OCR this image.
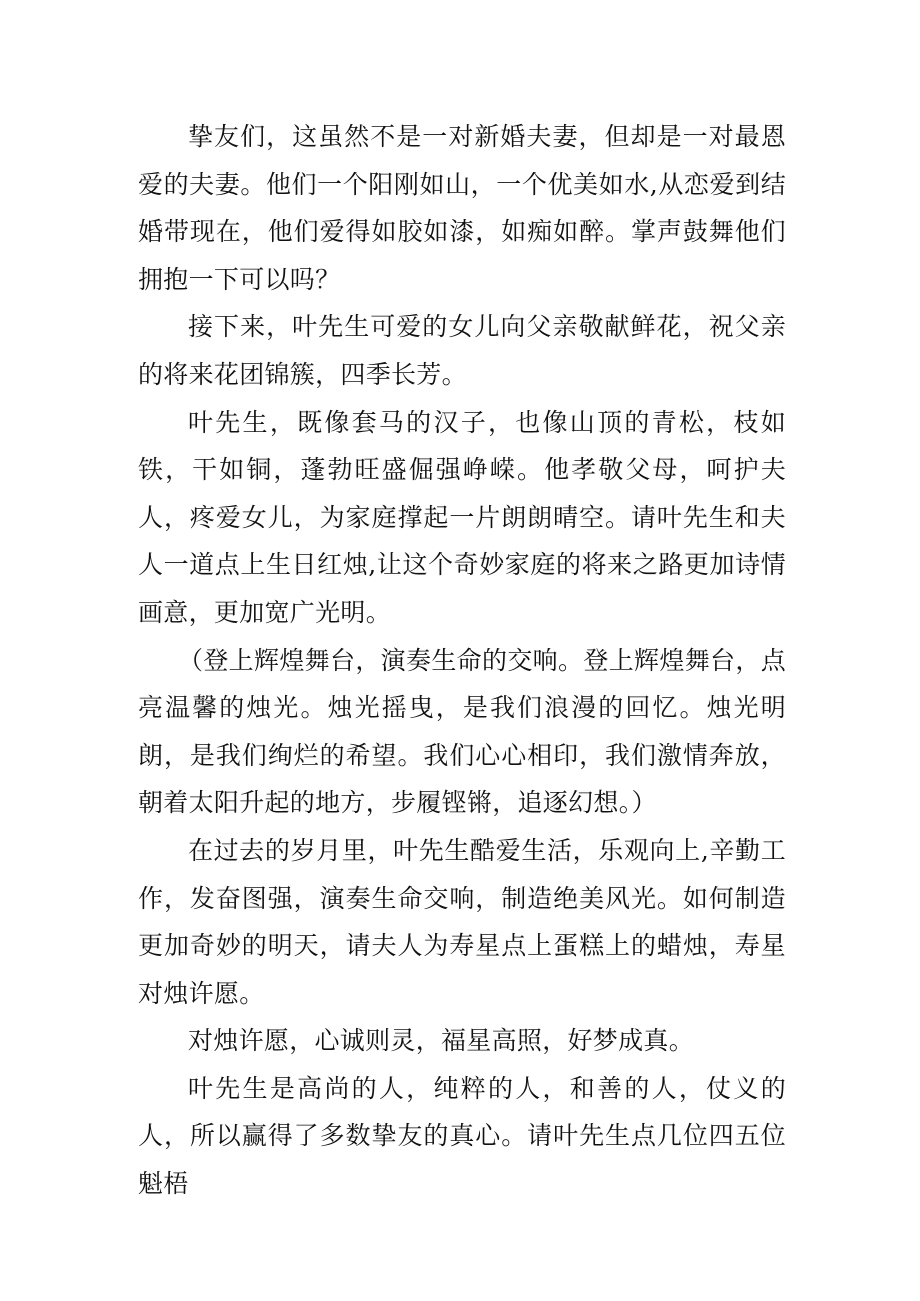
挚友们，这虽然不是一对新婚夫妻，但却是一对最恩爱的夫妻。他们一个阳刚如山，一个优美如水,从恋爱到结婚带现在，他们爱得如胶如漆，如痴如醉。掌声鼓舞他们拥抱一下可以吗？

接下来，叶先生可爱的女儿向父亲敬献鲜花，祝父亲的将来花团锦簇，四季长芳。

叶先生，既像套马的汉子，也像山顶的青松，枝如铁，干如铜，蓬勃旺盛倔强峥嵘。他孝敬父母，呵护夫人，疼爱女儿，为家庭撑起一片朗朗晴空。请叶先生和夫人一道点上生日红烛,让这个奇妙家庭的将来之路更加诗情画意，更加宽广光明。

（登上辉煌舞台，演奏生命的交响。登上辉煌舞台，点亮温馨的烛光。烛光摇曳，是我们浪漫的回忆。烛光明朗，是我们绚烂的希望。我们心心相印，我们激情奔放，朝着太阳升起的地方，步履铿锵，追逐幻想。）

在过去的岁月里，叶先生酷爱生活，乐观向上,辛勤工作，发奋图强，演奏生命交响，制造绝美风光。如何制造更加奇妙的明天，请夫人为寿星点上蛋糕上的蜡烛，寿星对烛许愿。

对烛许愿，心诚则灵，福星高照，好梦成真。

叶先生是高尚的人，纯粹的人，和善的人，仗义的人，所以赢得了多数挚友的真心。请叶先生点几位四五位魁梧
